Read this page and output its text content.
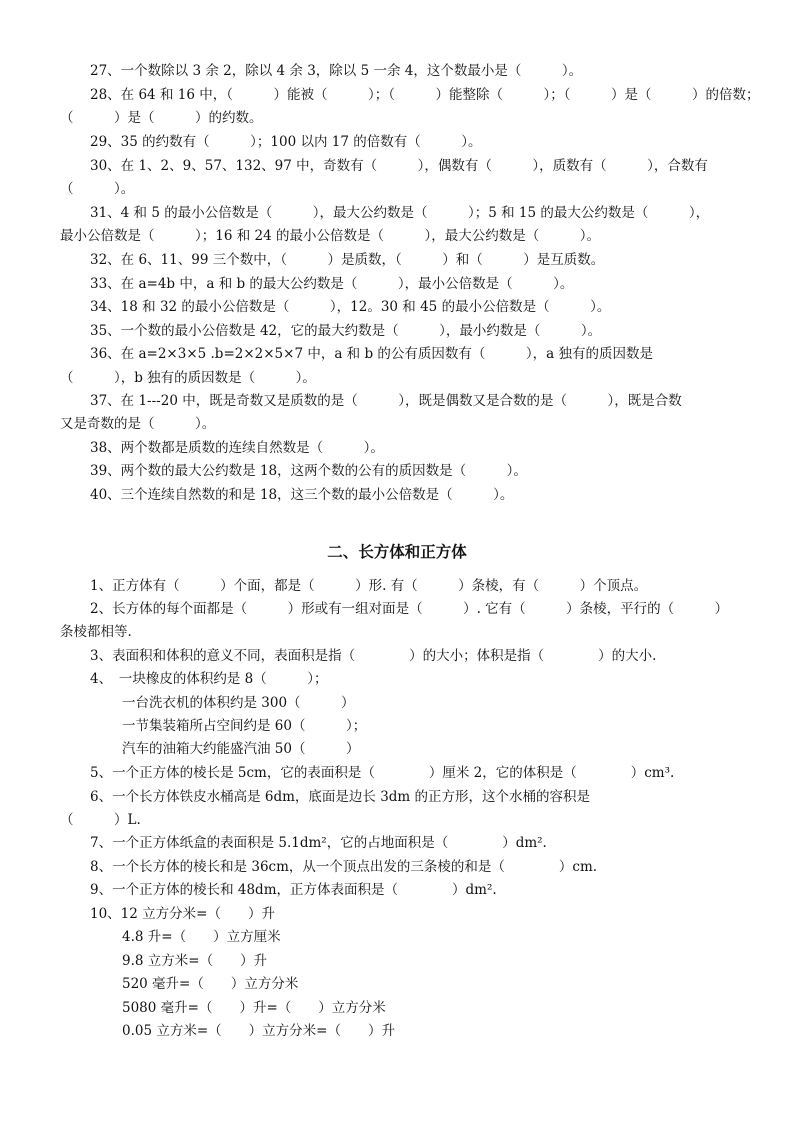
27、一个数除以 3 余 2，除以 4 余 3，除以 5 一余 4，这个数最小是（　　　）。

28、在 64 和 16 中，（　　　）能被（　　　）；（　　　）能整除（　　　）；（　　　）是（　　　）的倍数；

（　　　）是（　　　）的约数。

29、35 的约数有（　　　）；100 以内 17 的倍数有（　　　）。

30、在 1、2、9、57、132、97 中，奇数有（　　　），偶数有（　　　），质数有（　　　），合数有

（　　　）。

31、4 和 5 的最小公倍数是（　　　），最大公约数是（　　　）；5 和 15 的最大公约数是（　　　），

最小公倍数是（　　　）；16 和 24 的最小公倍数是（　　　），最大公约数是（　　　）。

32、在 6、11、99 三个数中，（　　　）是质数，（　　　）和（　　　）是互质数。

33、在 a=4b 中，a 和 b 的最大公约数是（　　　），最小公倍数是（　　　）。

34、18 和 32 的最小公倍数是（　　　），12。30 和 45 的最小公倍数是（　　　）。

35、一个数的最小公倍数是 42，它的最大约数是（　　　），最小约数是（　　　）。

36、在 a=2×3×5 .b=2×2×5×7 中，a 和 b 的公有质因数有（　　　），a 独有的质因数是

（　　　），b 独有的质因数是（　　　）。

37、在 1---20 中，既是奇数又是质数的是（　　　），既是偶数又是合数的是（　　　），既是合数

又是奇数的是（　　　）。

38、两个数都是质数的连续自然数是（　　　）。

39、两个数的最大公约数是 18，这两个数的公有的质因数是（　　　）。

40、三个连续自然数的和是 18，这三个数的最小公倍数是（　　　）。

二、长方体和正方体

1、正方体有（　　　）个面，都是（　　　）形. 有（　　　）条棱，有（　　　）个顶点。

2、长方体的每个面都是（　　　）形或有一组对面是（　　　）. 它有（　　　）条棱，平行的（　　　）

条棱都相等.

3、表面积和体积的意义不同，表面积是指（　　　　）的大小；体积是指（　　　　）的大小.

4、　一块橡皮的体积约是 8（　　　）；

一台洗衣机的体积约是 300（　　　）

一节集装箱所占空间约是 60（　　　）；

汽车的油箱大约能盛汽油 50（　　　）

5、一个正方体的棱长是 5cm，它的表面积是（　　　　）厘米 2，它的体积是（　　　　）cm³.

6、一个长方体铁皮水桶高是 6dm，底面是边长 3dm 的正方形，这个水桶的容积是

（　　　）L.

7、一个正方体纸盒的表面积是 5.1dm²，它的占地面积是（　　　　）dm².

8、一个长方体的棱长和是 36cm，从一个顶点出发的三条棱的和是（　　　　）cm.

9、一个正方体的棱长和 48dm，正方体表面积是（　　　　）dm².

10、12 立方分米=（　　）升

4.8 升=（　　）立方厘米

9.8 立方米=（　　）升

520 毫升=（　　）立方分米

5080 毫升=（　　）升=（　　）立方分米

0.05 立方米=（　　）立方分米=（　　）升
